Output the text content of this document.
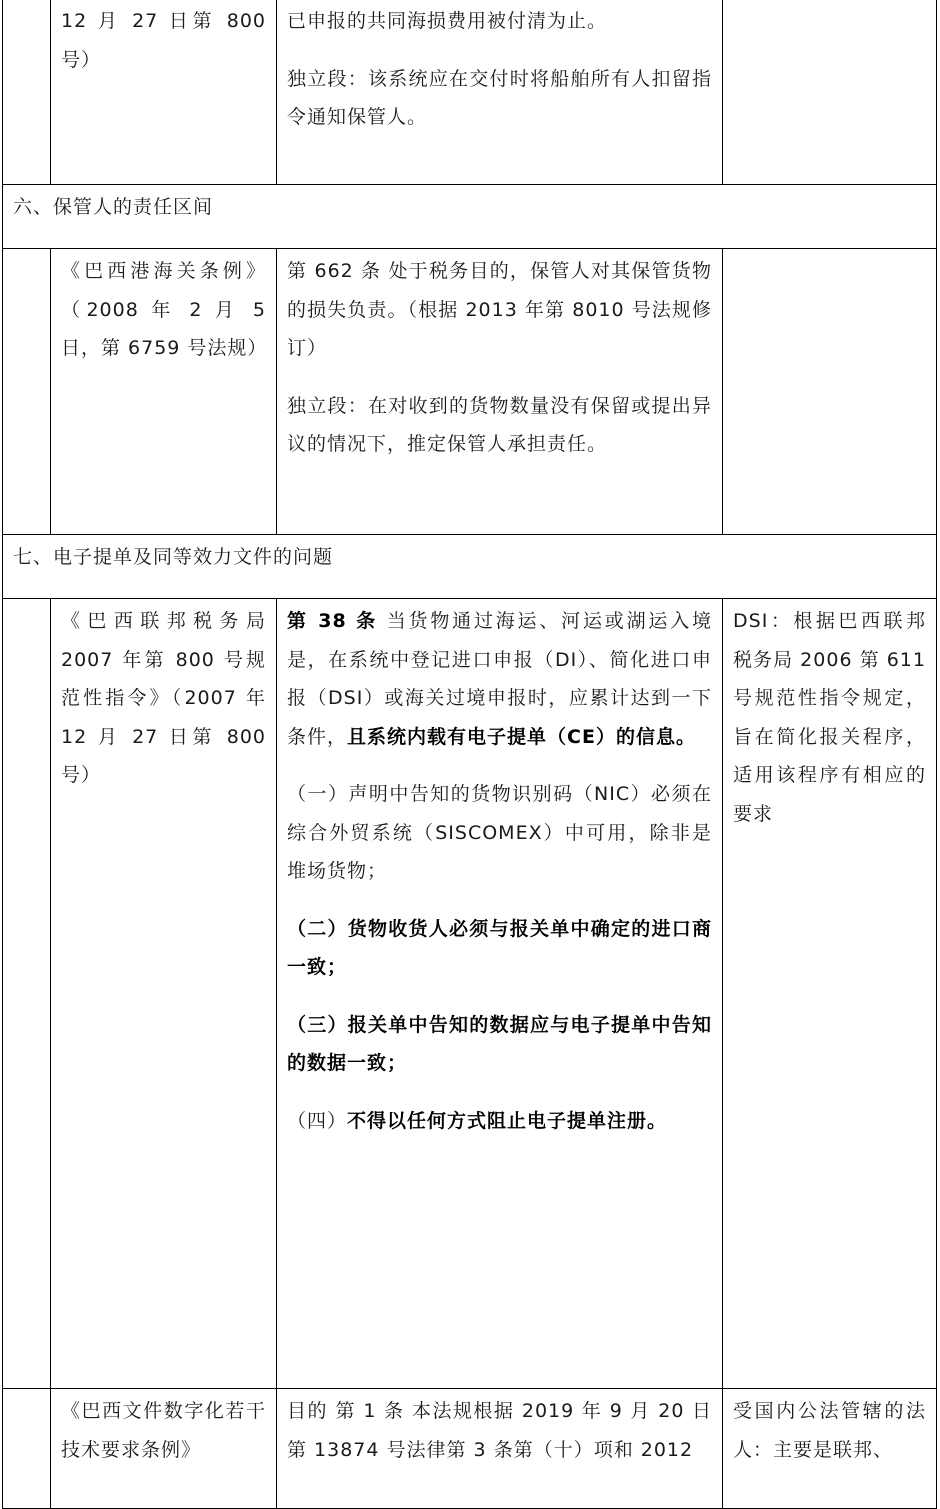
	12 月 27 日第 800 号）	已申报的共同海损费用被付清为止。

独立段：该系统应在交付时将船舶所有人扣留指令通知保管人。	

六、保管人的责任区间			

	《巴西港海关条例》（2008 年 2 月 5 日，第 6759 号法规）	第 662 条 处于税务目的，保管人对其保管货物的损失负责。（根据 2013 年第 8010 号法规修订）

独立段：在对收到的货物数量没有保留或提出异议的情况下，推定保管人承担责任。	

七、电子提单及同等效力文件的问题			

	《巴西联邦税务局 2007 年第 800 号规范性指令》（2007 年 12 月 27 日第 800 号）	第 38 条 当货物通过海运、河运或湖运入境是，在系统中登记进口申报（DI）、简化进口申报（DSI）或海关过境申报时，应累计达到一下条件，且系统内载有电子提单（CE）的信息。

（一）声明中告知的货物识别码（NIC）必须在综合外贸系统（SISCOMEX）中可用，除非是堆场货物；

（二）货物收货人必须与报关单中确定的进口商一致；

（三）报关单中告知的数据应与电子提单中告知的数据一致；

（四）不得以任何方式阻止电子提单注册。	DSI：根据巴西联邦税务局 2006 第 611 号规范性指令规定，旨在简化报关程序，适用该程序有相应的要求

	《巴西文件数字化若干技术要求条例》	目的 第 1 条 本法规根据 2019 年 9 月 20 日第 13874 号法律第 3 条第（十）项和 2012	受国内公法管辖的法人：主要是联邦、
